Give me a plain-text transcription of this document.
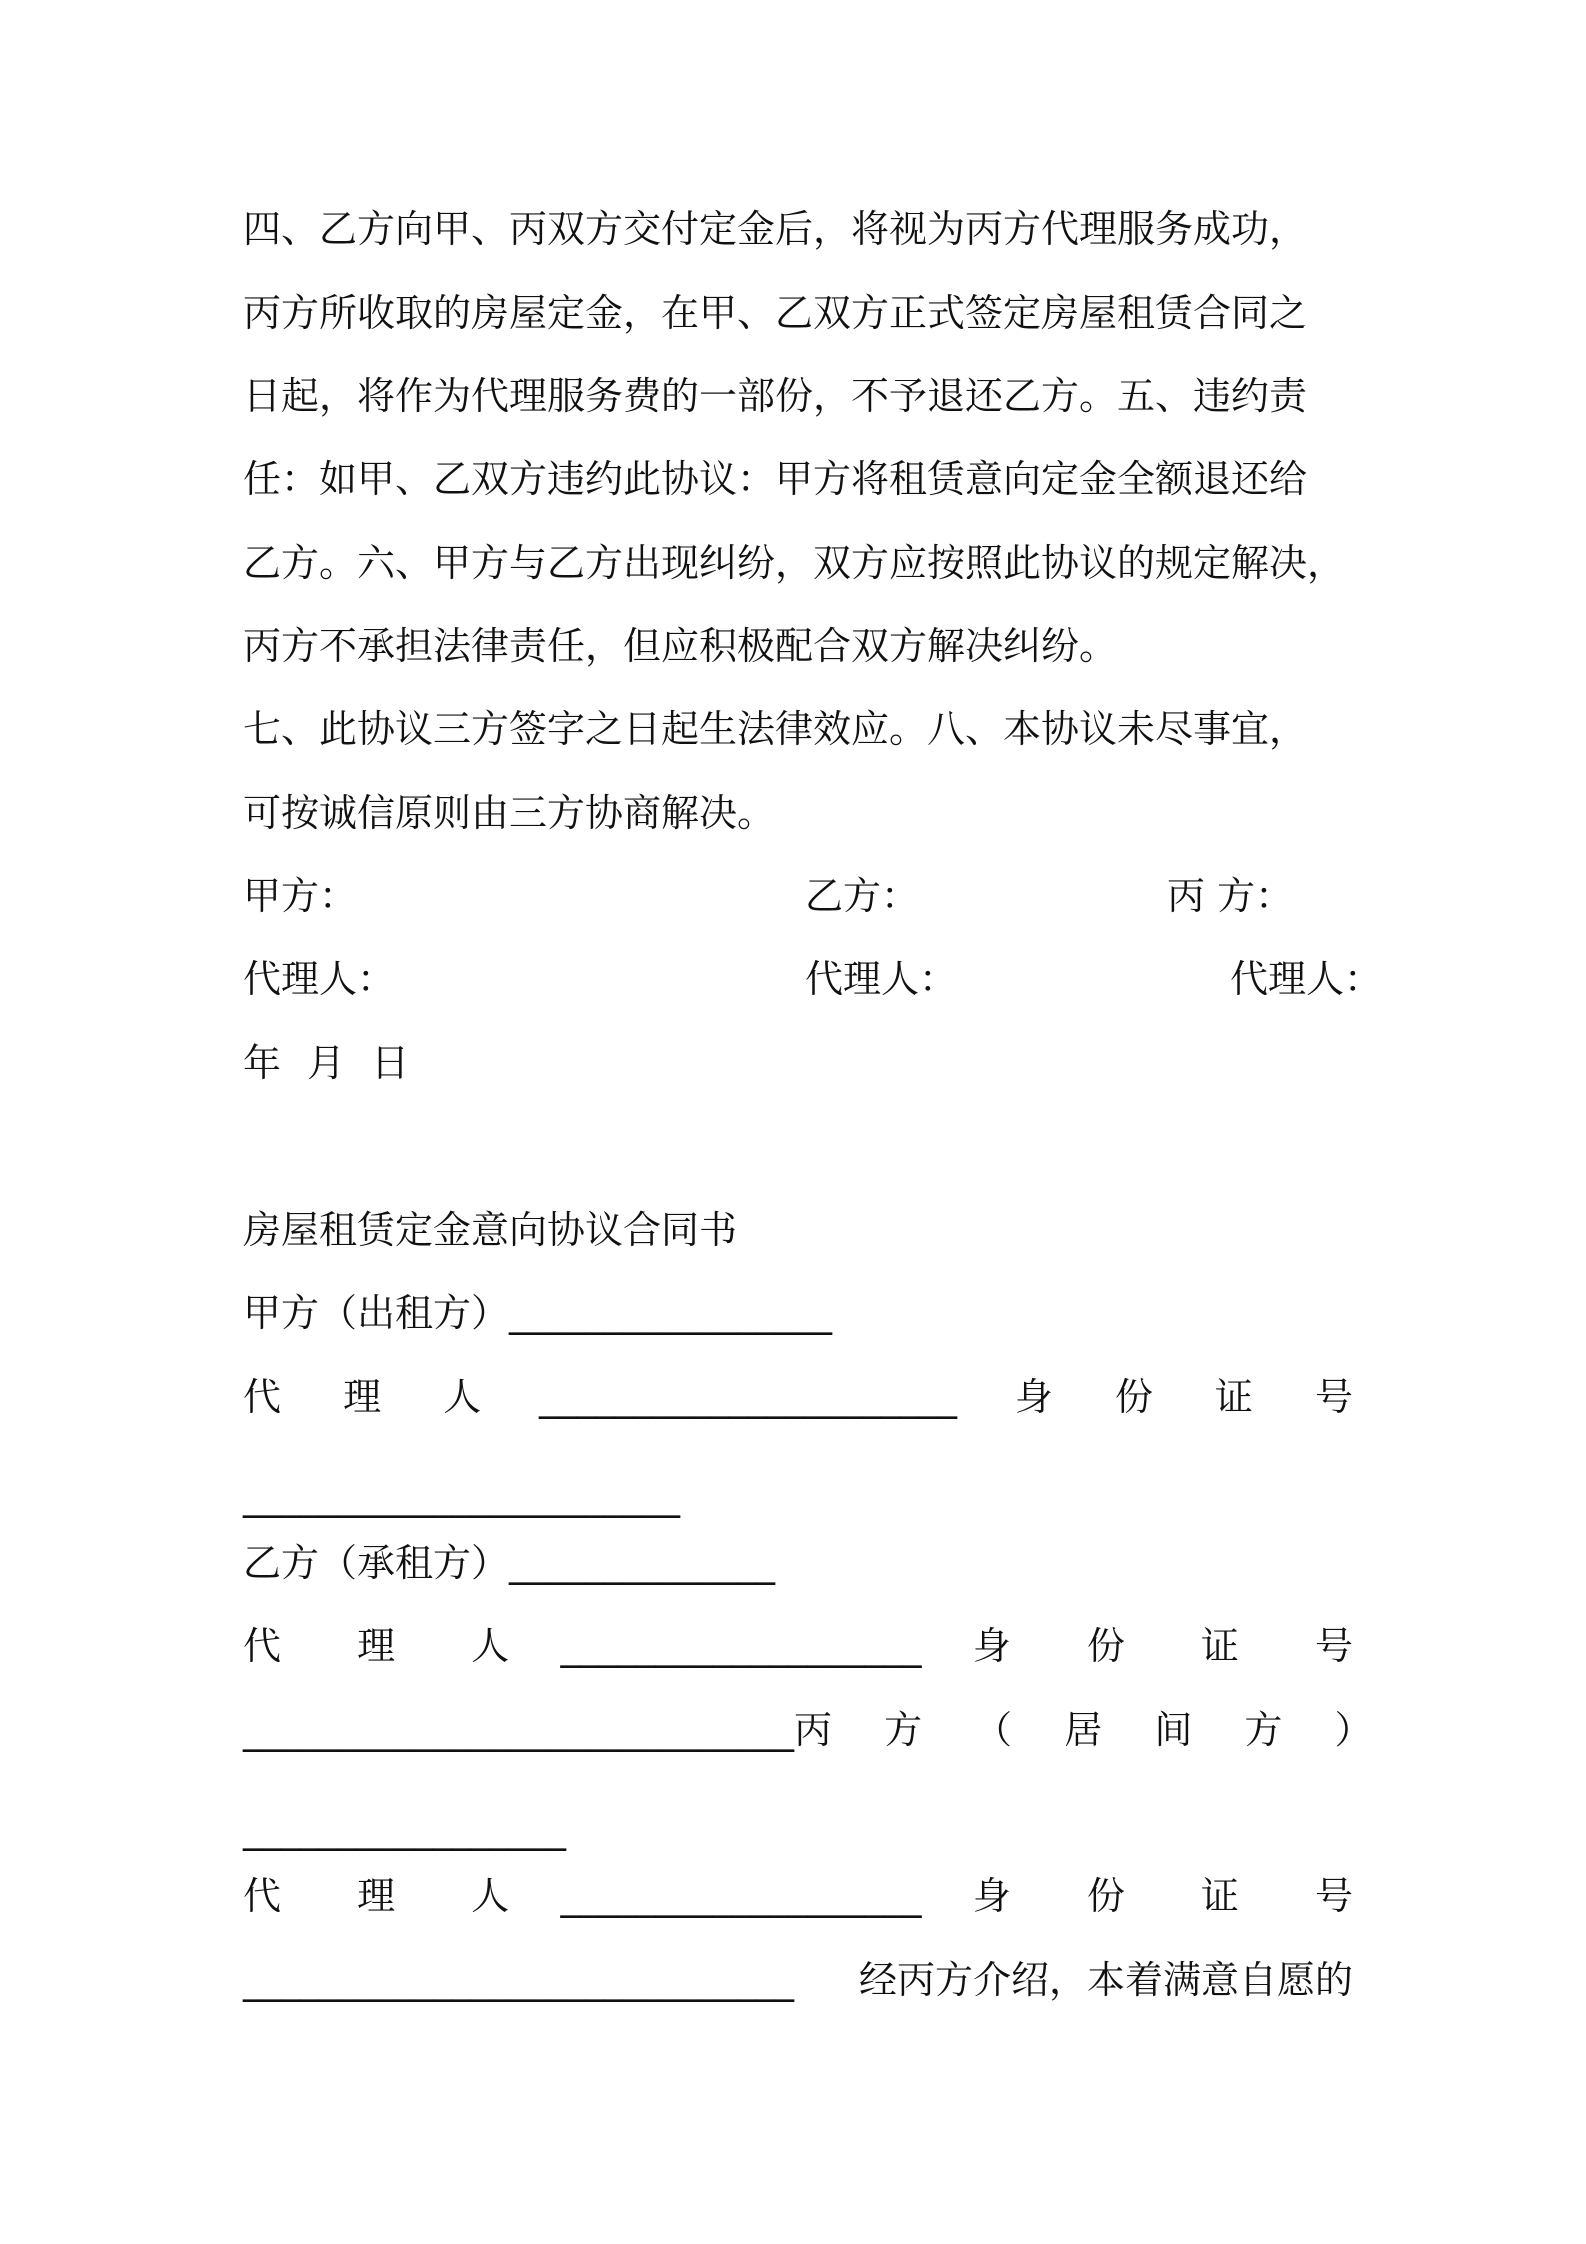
四、乙方向甲、丙双方交付定金后，将视为丙方代理服务成功，
丙方所收取的房屋定金，在甲、乙双方正式签定房屋租赁合同之
日起，将作为代理服务费的一部份，不予退还乙方。五、违约责
任：如甲、乙双方违约此协议：甲方将租赁意向定金全额退还给
乙方。六、甲方与乙方出现纠纷，双方应按照此协议的规定解决，
丙方不承担法律责任，但应积极配合双方解决纠纷。
七、此协议三方签字之日起生法律效应。八、本协议未尽事宜，
可按诚信原则由三方协商解决。
甲方：	乙方：	丙 方：
代理人：	代理人：	代理人：
年 月 日
房屋租赁定金意向协议合同书
甲方（出租方）_________________
代 理 人 ______________________ 身 份 证 号
_______________________
乙方（承租方）______________
代 理 人 ___________________ 身 份 证 号
_____________________________ 丙 方 （ 居 间 方 ）
_________________
代 理 人 ___________________ 身 份 证 号
_____________________________ 经丙方介绍，本着满意自愿的
